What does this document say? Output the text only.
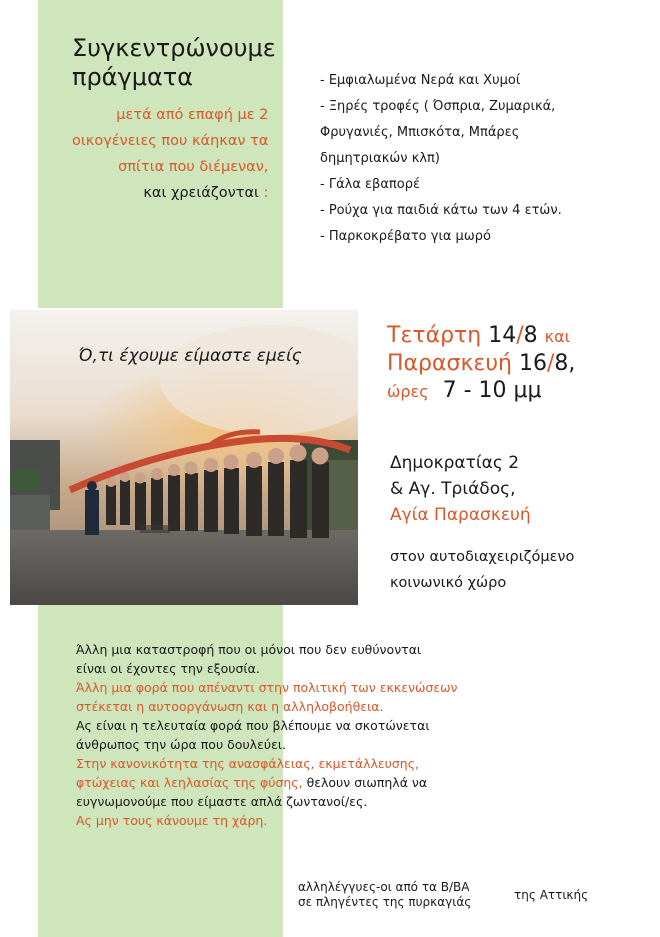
Συγκεντρώνουμε
πράγματα
μετά από επαφή με 2
οικογένειες που κάηκαν τα
σπίτια που διέμεναν,
και χρειάζονται :
- Εμφιαλωμένα Νερά και Χυμοί
- Ξηρές τροφές ( Όσπρια, Ζυμαρικά,
Φρυγανιές, Μπισκότα, Μπάρες
δημητριακών κλπ)
- Γάλα εβαπορέ
- Ρούχα για παιδιά κάτω των 4 ετών.
- Παρκοκρέβατο για μωρό
Ό,τι έχουμε είμαστε εμείς
Τετάρτη 14/8 και
Παρασκευή 16/8,
ώρες 7 - 10 μμ
Δημοκρατίας 2
& Αγ. Τριάδος,
Αγία Παρασκευή
στον αυτοδιαχειριζόμενο
κοινωνικό χώρο
Άλλη μια καταστροφή που οι μόνοι που δεν ευθύνονται
είναι οι έχοντες την εξουσία.
Άλλη μια φορά που απέναντι στην πολιτική των εκκενώσεων
στέκεται η αυτοοργάνωση και η αλληλοβοήθεια.
Ας είναι η τελευταία φορά που βλέπουμε να σκοτώνεται
άνθρωπος την ώρα που δουλεύει.
Στην κανονικότητα της ανασφάλειας, εκμετάλλευσης,
φτώχειας και λεηλασίας της φύσης, θελουν σιωπηλά να
ευγνωμονούμε που είμαστε απλά ζωντανοί/ες.
Ας μην τους κάνουμε τη χάρη.
αλληλέγγυες-οι από τα Β/ΒΑ
σε πληγέντες της πυρκαγιάς	της Αττικής
